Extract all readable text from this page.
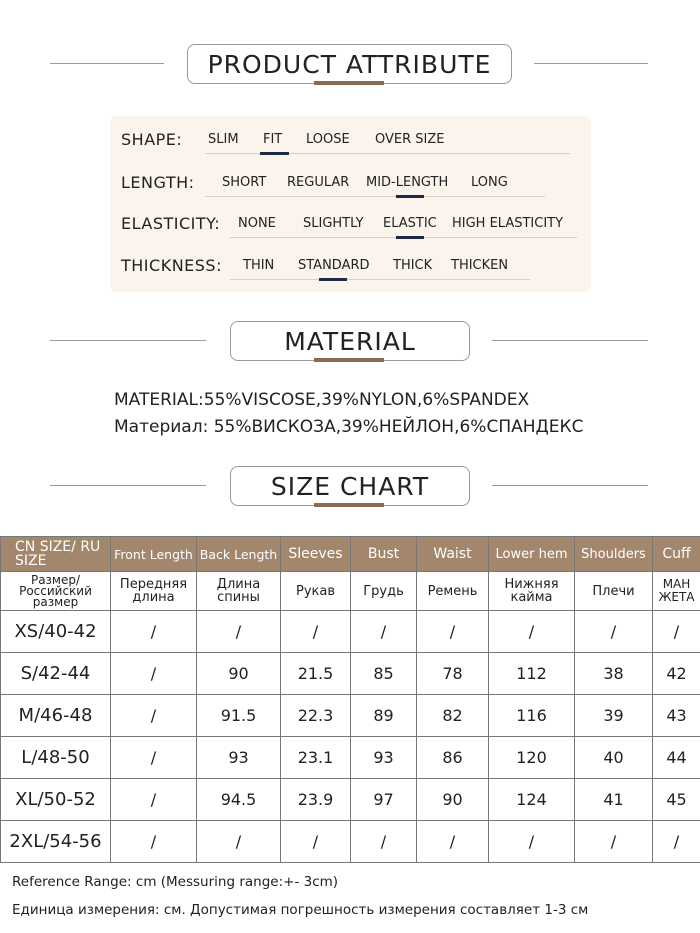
PRODUCT ATTRIBUTE
SHAPE: SLIM FIT LOOSE OVER SIZE
LENGTH: SHORT REGULAR MID-LENGTH LONG
ELASTICITY: NONE SLIGHTLY ELASTIC HIGH ELASTICITY
THICKNESS: THIN STANDARD THICK THICKEN
MATERIAL
MATERIAL:55%VISCOSE,39%NYLON,6%SPANDEX
Материал: 55%ВИСКОЗА,39%НЕЙЛОН,6%СПАНДЕКС
SIZE CHART
CN SIZE/ RU SIZE	Front Length	Back Length	Sleeves	Bust	Waist	Lower hem	Shoulders	Cuff
Размер/ Российский размер	Передняя длина	Длина спины	Рукав	Грудь	Ремень	Нижняя кайма	Плечи	МАН ЖЕТА
XS/40-42	/	/	/	/	/	/	/	/
S/42-44	/	90	21.5	85	78	112	38	42
M/46-48	/	91.5	22.3	89	82	116	39	43
L/48-50	/	93	23.1	93	86	120	40	44
XL/50-52	/	94.5	23.9	97	90	124	41	45
2XL/54-56	/	/	/	/	/	/	/	/
Reference Range: cm (Messuring range:+- 3cm)
Единица измерения: см. Допустимая погрешность измерения составляет 1-3 см
